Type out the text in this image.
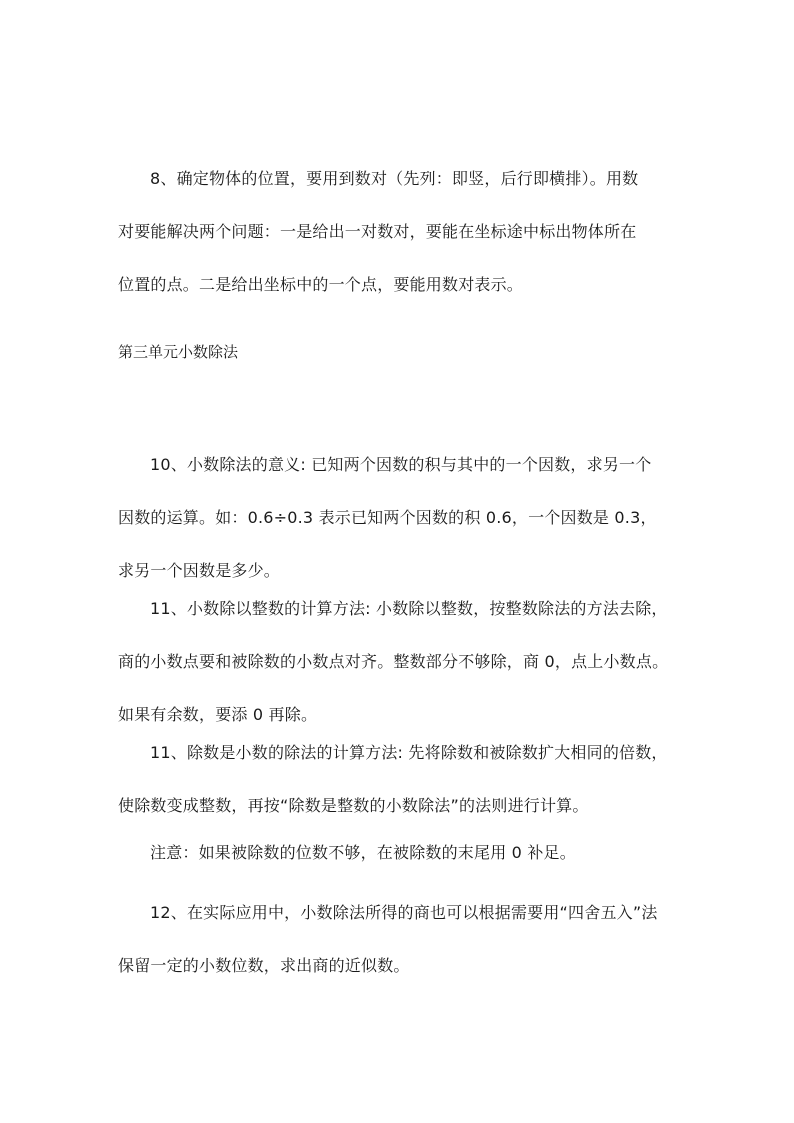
8、确定物体的位置，要用到数对（先列：即竖，后行即横排）。用数
对要能解决两个问题：一是给出一对数对，要能在坐标途中标出物体所在
位置的点。二是给出坐标中的一个点，要能用数对表示。
第三单元小数除法
10、小数除法的意义: 已知两个因数的积与其中的一个因数，求另一个
因数的运算。如：0.6÷0.3 表示已知两个因数的积 0.6，一个因数是 0.3，
求另一个因数是多少。
11、小数除以整数的计算方法: 小数除以整数，按整数除法的方法去除，
商的小数点要和被除数的小数点对齐。整数部分不够除，商 0，点上小数点。
如果有余数，要添 0 再除。
11、除数是小数的除法的计算方法: 先将除数和被除数扩大相同的倍数，
使除数变成整数，再按“除数是整数的小数除法”的法则进行计算。
注意：如果被除数的位数不够，在被除数的末尾用 0 补足。
12、在实际应用中，小数除法所得的商也可以根据需要用“四舍五入”法
保留一定的小数位数，求出商的近似数。
